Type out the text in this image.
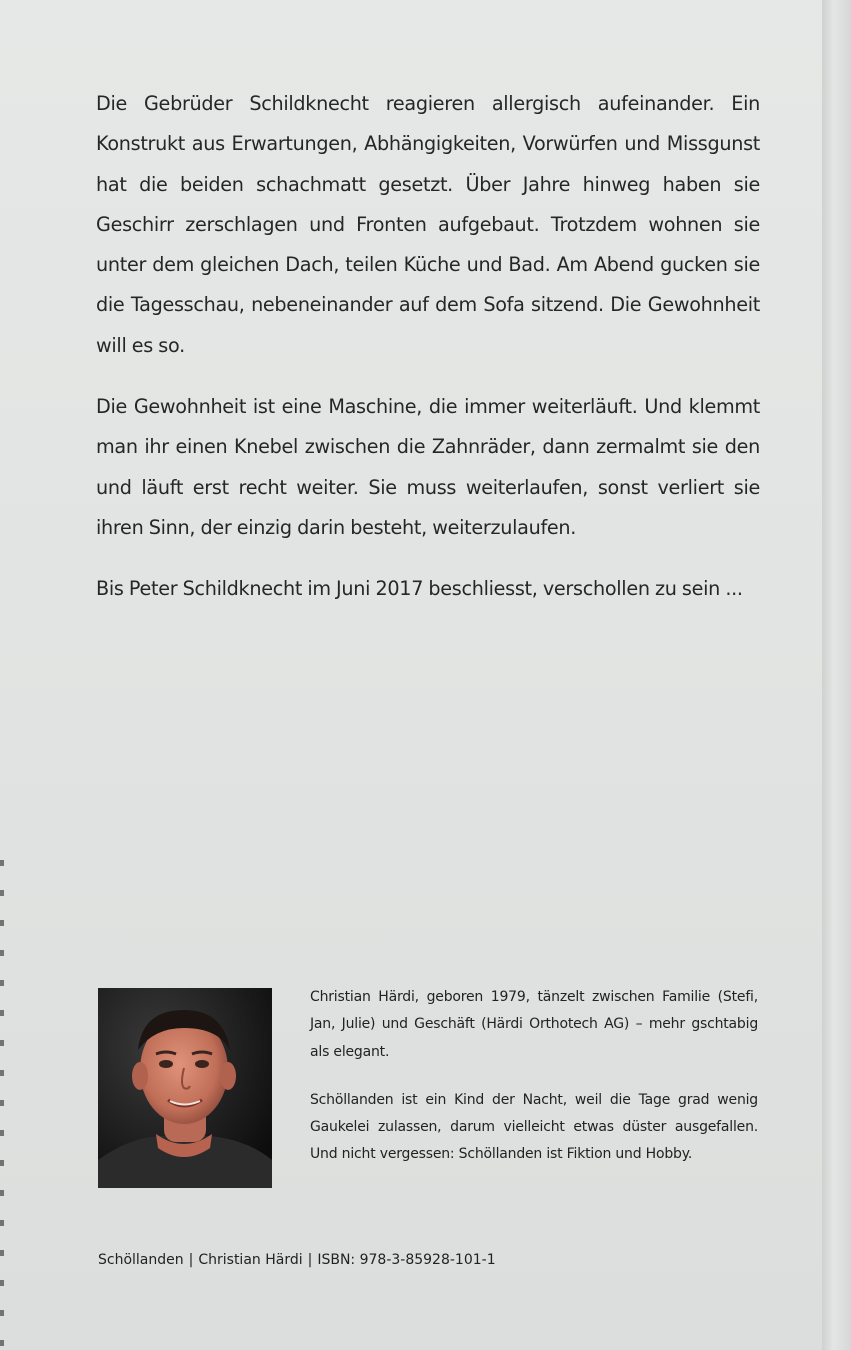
Die Gebrüder Schildknecht reagieren allergisch aufeinander. Ein Konstrukt aus Erwartungen, Abhängigkeiten, Vorwürfen und Missgunst hat die beiden schachmatt gesetzt. Über Jahre hinweg haben sie Geschirr zerschlagen und Fronten aufgebaut. Trotzdem wohnen sie unter dem gleichen Dach, teilen Küche und Bad. Am Abend gucken sie die Tagesschau, nebeneinander auf dem Sofa sitzend. Die Gewohnheit will es so.

Die Gewohnheit ist eine Maschine, die immer weiterläuft. Und klemmt man ihr einen Knebel zwischen die Zahnräder, dann zermalmt sie den und läuft erst recht weiter. Sie muss weiterlaufen, sonst verliert sie ihren Sinn, der einzig darin besteht, weiterzulaufen.

Bis Peter Schildknecht im Juni 2017 beschliesst, verschollen zu sein ...

Christian Härdi, geboren 1979, tänzelt zwischen Familie (Stefi, Jan, Julie) und Geschäft (Härdi Orthotech AG) – mehr gschtabig als elegant.

Schöllanden ist ein Kind der Nacht, weil die Tage grad wenig Gaukelei zulassen, darum vielleicht etwas düster ausgefallen. Und nicht vergessen: Schöllanden ist Fiktion und Hobby.

Schöllanden | Christian Härdi | ISBN: 978-3-85928-101-1
